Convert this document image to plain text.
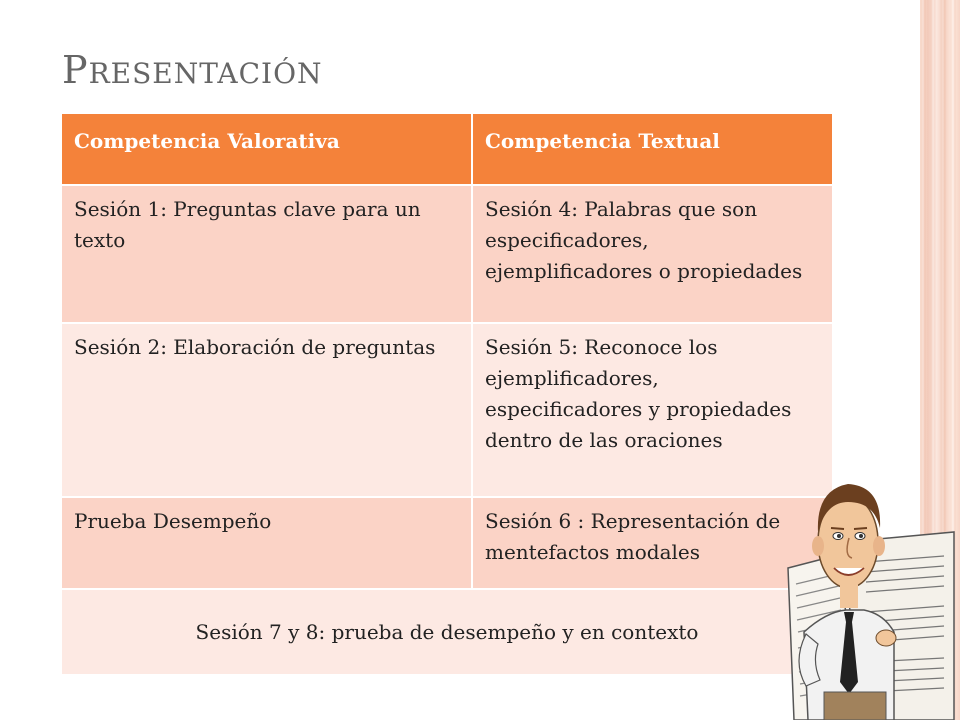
PRESENTACIÓN
Competencia Valorativa	Competencia Textual
Sesión 1: Preguntas clave para un texto	Sesión 4: Palabras que son especificadores, ejemplificadores o propiedades
Sesión 2: Elaboración de preguntas	Sesión 5: Reconoce los ejemplificadores, especificadores y propiedades dentro de las oraciones
Prueba Desempeño	Sesión 6 : Representación de mentefactos modales
Sesión 7 y 8: prueba de desempeño y en contexto	
